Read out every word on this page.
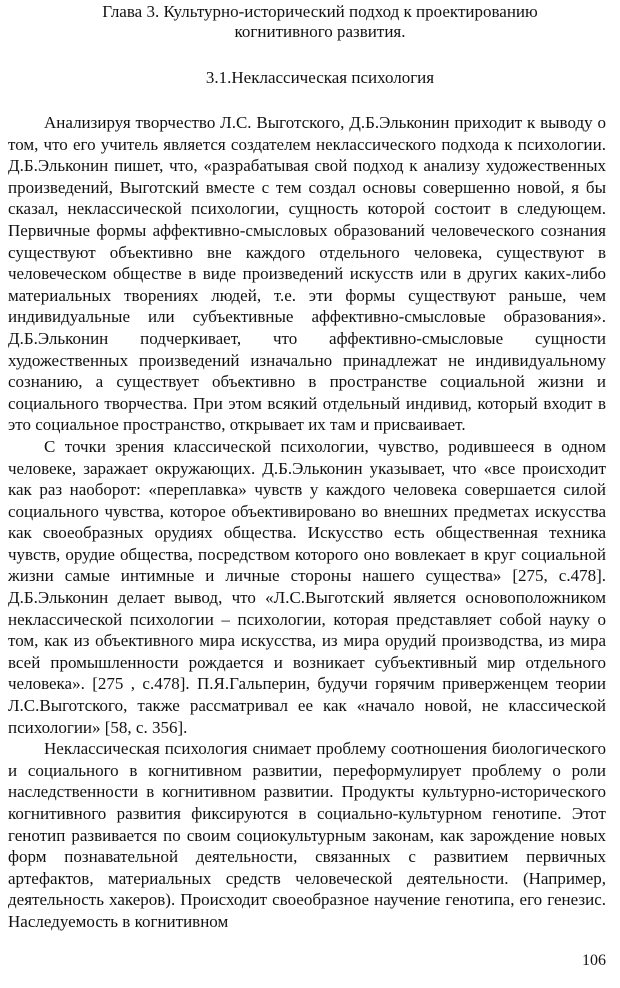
Глава 3. Культурно-исторический подход к проектированию
когнитивного развития.

3.1.Неклассическая психология

Анализируя творчество Л.С. Выготского, Д.Б.Эльконин приходит к выводу о том, что его учитель является создателем неклассического подхода к психологии. Д.Б.Эльконин пишет, что, «разрабатывая свой подход к анализу художественных произведений, Выготский вместе с тем создал основы совершенно новой, я бы сказал, неклассической психологии, сущность которой состоит в следующем. Первичные формы аффективно-смысловых образований человеческого сознания существуют объективно вне каждого отдельного человека, существуют в человеческом обществе в виде произведений искусств или в других каких-либо материальных творениях людей, т.е. эти формы существуют раньше, чем индивидуальные или субъективные аффективно-смысловые образования». Д.Б.Эльконин подчеркивает, что аффективно-смысловые сущности художественных произведений изначально принадлежат не индивидуальному сознанию, а существует объективно в пространстве социальной жизни и социального творчества. При этом всякий отдельный индивид, который входит в это социальное пространство, открывает их там и присваивает.

С точки зрения классической психологии, чувство, родившееся в одном человеке, заражает окружающих. Д.Б.Эльконин указывает, что «все происходит как раз наоборот: «переплавка» чувств у каждого человека совершается силой социального чувства, которое объективировано во внешних предметах искусства как своеобразных орудиях общества. Искусство есть общественная техника чувств, орудие общества, посредством которого оно вовлекает в круг социальной жизни самые интимные и личные стороны нашего существа» [275, с.478]. Д.Б.Эльконин делает вывод, что «Л.С.Выготский является основоположником неклассической психологии – психологии, которая представляет собой науку о том, как из объективного мира искусства, из мира орудий производства, из мира всей промышленности рождается и возникает субъективный мир отдельного человека». [275 , с.478]. П.Я.Гальперин, будучи горячим приверженцем теории Л.С.Выготского, также рассматривал ее как «начало новой, не классической психологии» [58, с. 356].

Неклассическая психология снимает проблему соотношения биологического и социального в когнитивном развитии, переформулирует проблему о роли наследственности в когнитивном развитии. Продукты культурно-исторического когнитивного развития фиксируются в социально-культурном генотипе. Этот генотип развивается по своим социокультурным законам, как зарождение новых форм познавательной деятельности, связанных с развитием первичных артефактов, материальных средств человеческой деятельности. (Например, деятельность хакеров). Происходит своеобразное научение генотипа, его генезис. Наследуемость в когнитивном

106
